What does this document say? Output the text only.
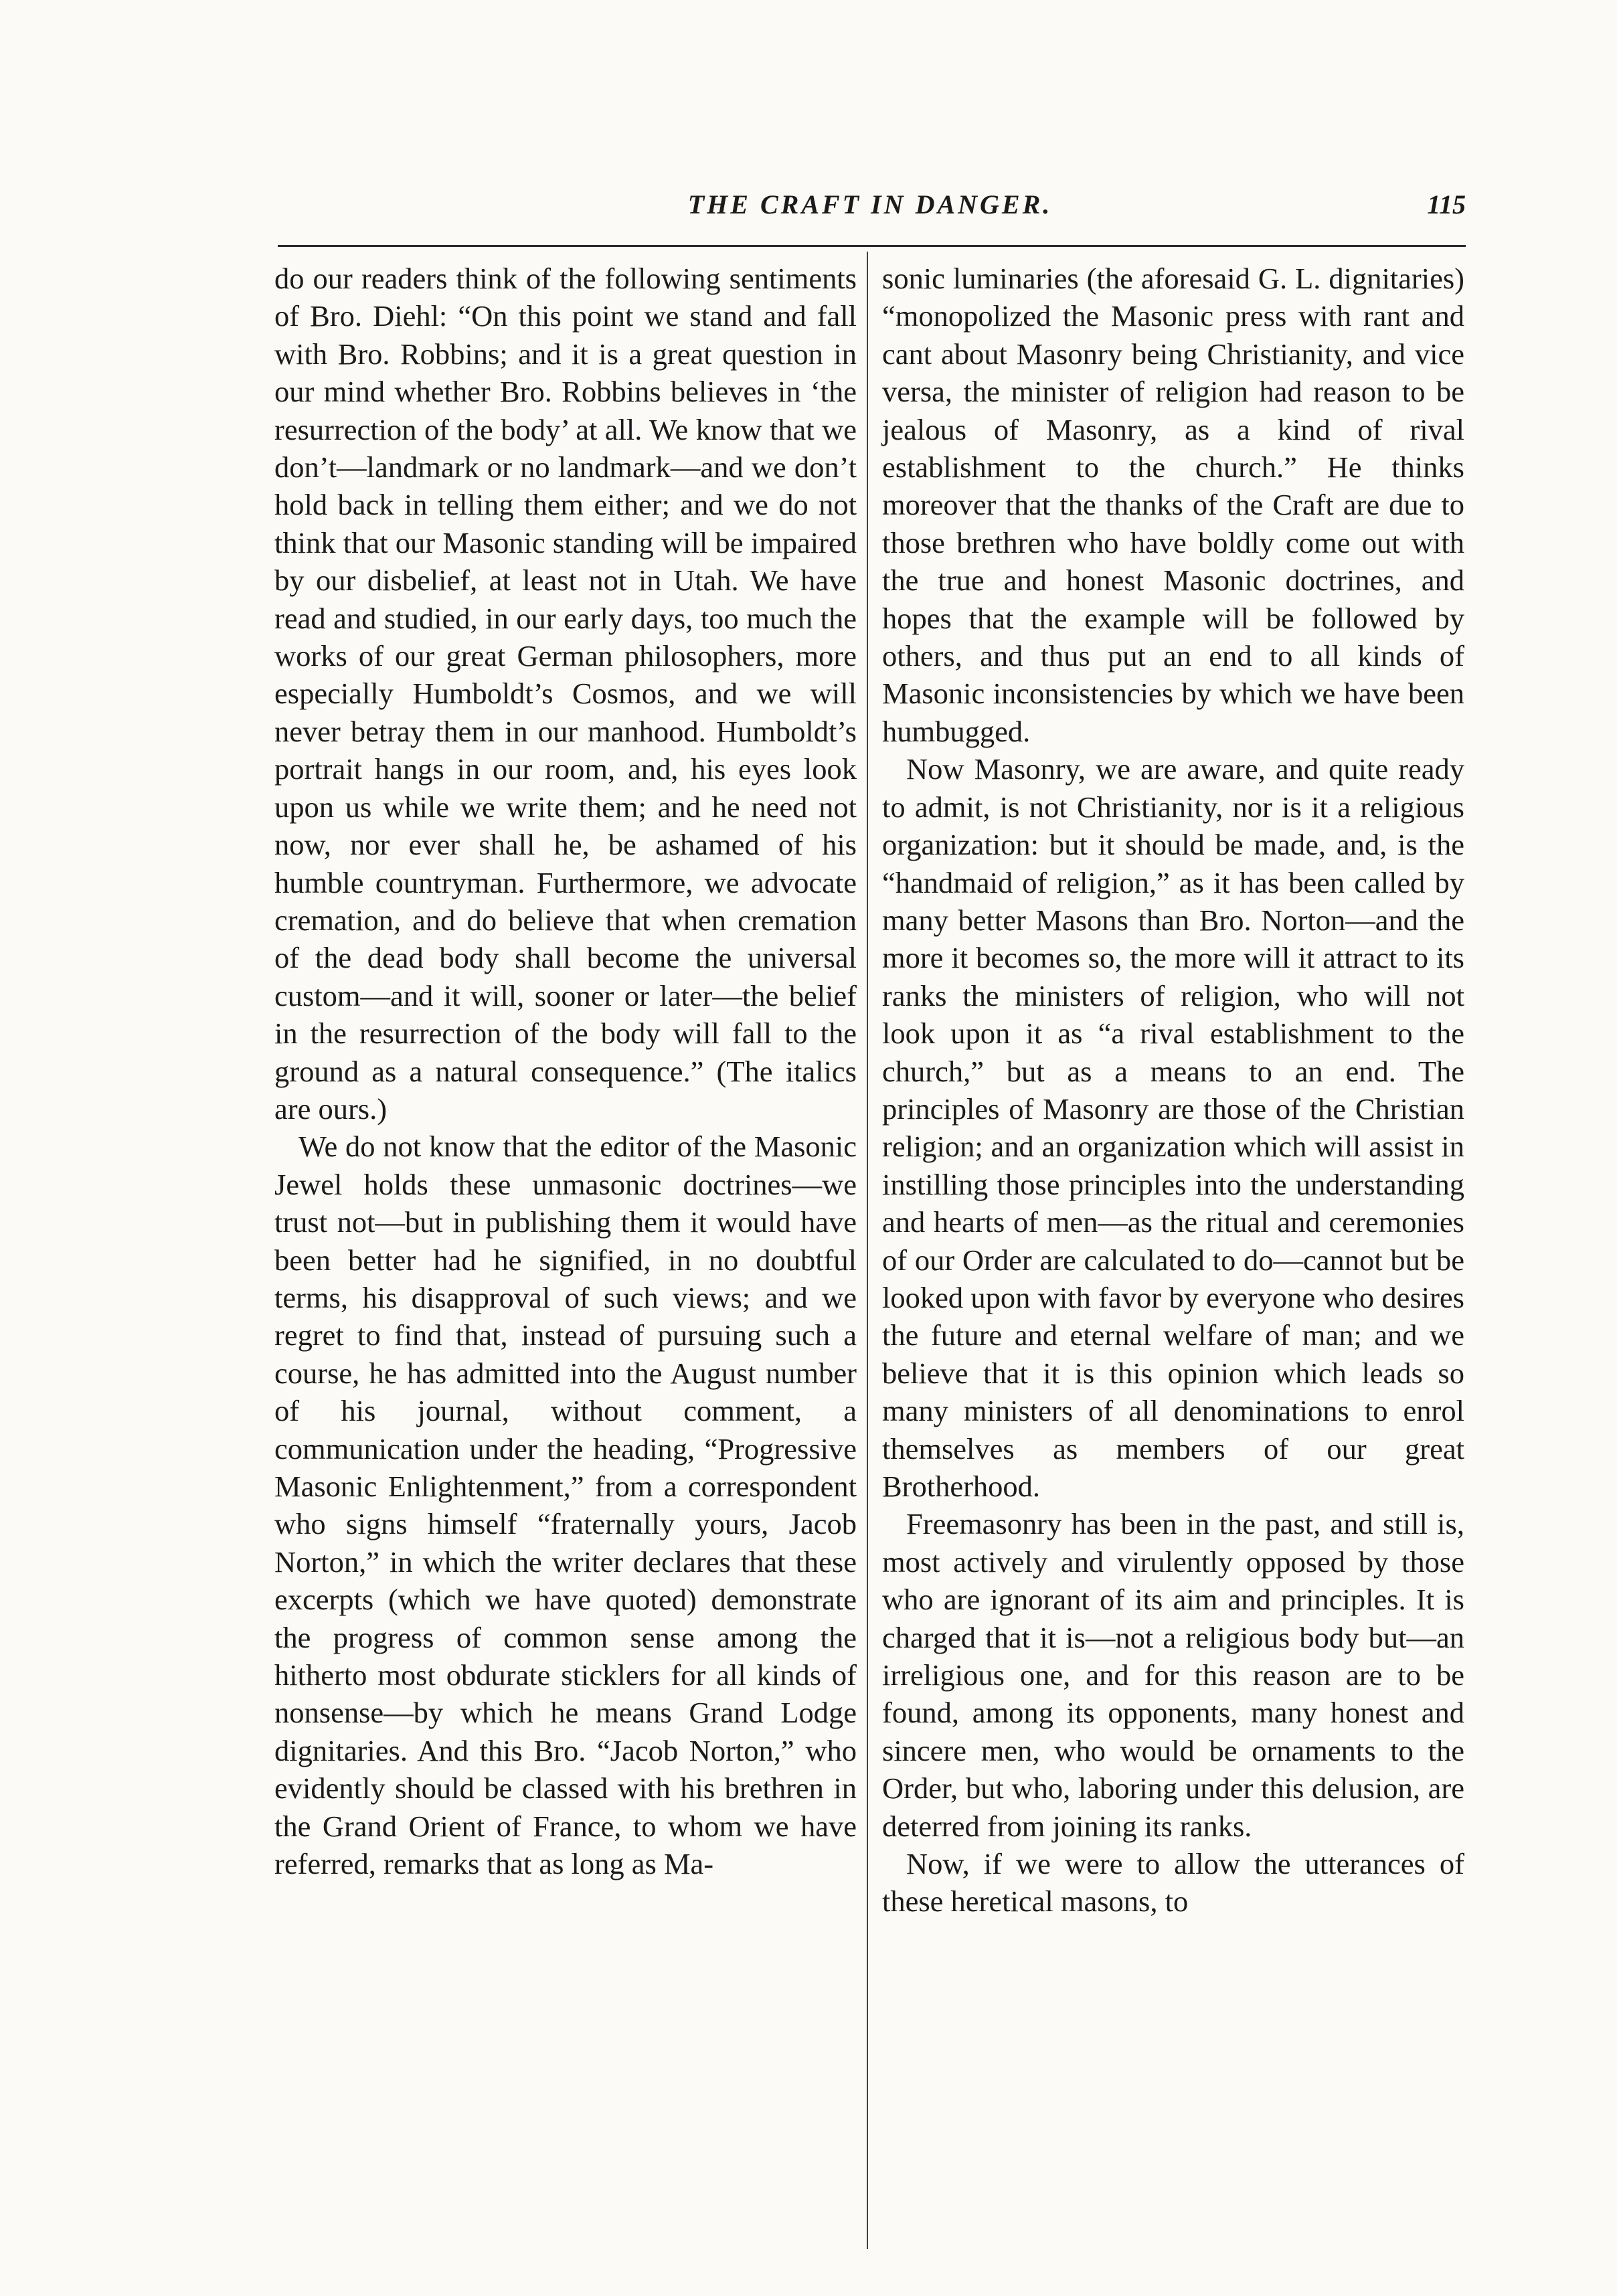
THE CRAFT IN DANGER.	115

do our readers think of the following sentiments of Bro. Diehl: “On this point we stand and fall with Bro. Robbins; and it is a great question in our mind whether Bro. Robbins believes in ‘the resurrection of the body’ at all. We know that we don’t—landmark or no landmark—and we don’t hold back in telling them either; and we do not think that our Masonic standing will be impaired by our disbelief, at least not in Utah. We have read and studied, in our early days, too much the works of our great German philosophers, more especially Humboldt’s Cosmos, and we will never betray them in our manhood. Humboldt’s portrait hangs in our room, and, his eyes look upon us while we write them; and he need not now, nor ever shall he, be ashamed of his humble countryman. Furthermore, we advocate cremation, and do believe that when cremation of the dead body shall become the universal custom—and it will, sooner or later—the belief in the resurrection of the body will fall to the ground as a natural consequence.” (The italics are ours.)

We do not know that the editor of the Masonic Jewel holds these unmasonic doctrines—we trust not—but in publishing them it would have been better had he signified, in no doubtful terms, his disapproval of such views; and we regret to find that, instead of pursuing such a course, he has admitted into the August number of his journal, without comment, a communication under the heading, “Progressive Masonic Enlightenment,” from a correspondent who signs himself “fraternally yours, Jacob Norton,” in which the writer declares that these excerpts (which we have quoted) demonstrate the progress of common sense among the hitherto most obdurate sticklers for all kinds of nonsense—by which he means Grand Lodge dignitaries. And this Bro. “Jacob Norton,” who evidently should be classed with his brethren in the Grand Orient of France, to whom we have referred, remarks that as long as Ma-

sonic luminaries (the aforesaid G. L. dignitaries) “monopolized the Masonic press with rant and cant about Masonry being Christianity, and vice versa, the minister of religion had reason to be jealous of Masonry, as a kind of rival establishment to the church.” He thinks moreover that the thanks of the Craft are due to those brethren who have boldly come out with the true and honest Masonic doctrines, and hopes that the example will be followed by others, and thus put an end to all kinds of Masonic inconsistencies by which we have been humbugged.

Now Masonry, we are aware, and quite ready to admit, is not Christianity, nor is it a religious organization: but it should be made, and, is the “handmaid of religion,” as it has been called by many better Masons than Bro. Norton—and the more it becomes so, the more will it attract to its ranks the ministers of religion, who will not look upon it as “a rival establishment to the church,” but as a means to an end. The principles of Masonry are those of the Christian religion; and an organization which will assist in instilling those principles into the understanding and hearts of men—as the ritual and ceremonies of our Order are calculated to do—cannot but be looked upon with favor by everyone who desires the future and eternal welfare of man; and we believe that it is this opinion which leads so many ministers of all denominations to enrol themselves as members of our great Brotherhood.

Freemasonry has been in the past, and still is, most actively and virulently opposed by those who are ignorant of its aim and principles. It is charged that it is—not a religious body but—an irreligious one, and for this reason are to be found, among its opponents, many honest and sincere men, who would be ornaments to the Order, but who, laboring under this delusion, are deterred from joining its ranks.

Now, if we were to allow the utterances of these heretical masons, to
